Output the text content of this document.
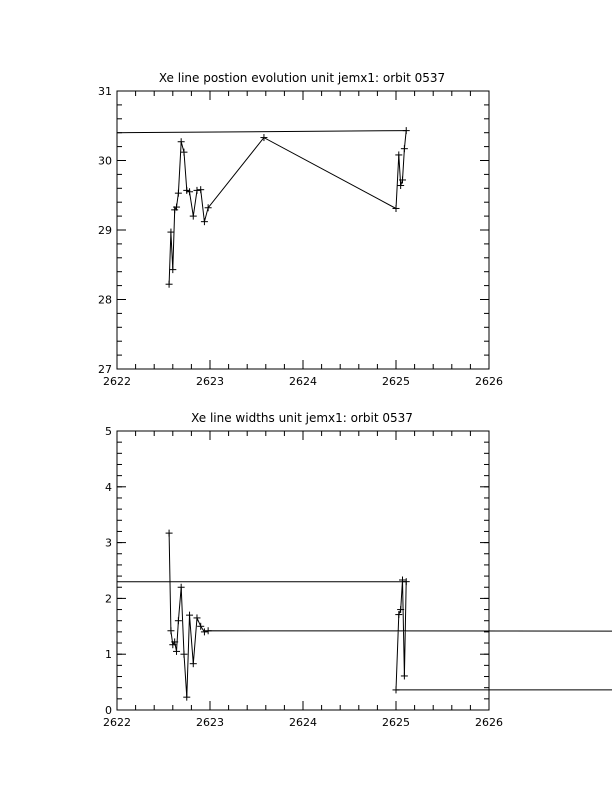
Xe line postion evolution unit jemx1: orbit 0537
2622	2623	2624	2625	2626
27
28
29
30
31
Xe line widths unit jemx1: orbit 0537
2622	2623	2624	2625	2626
0
1
2
3
4
5
